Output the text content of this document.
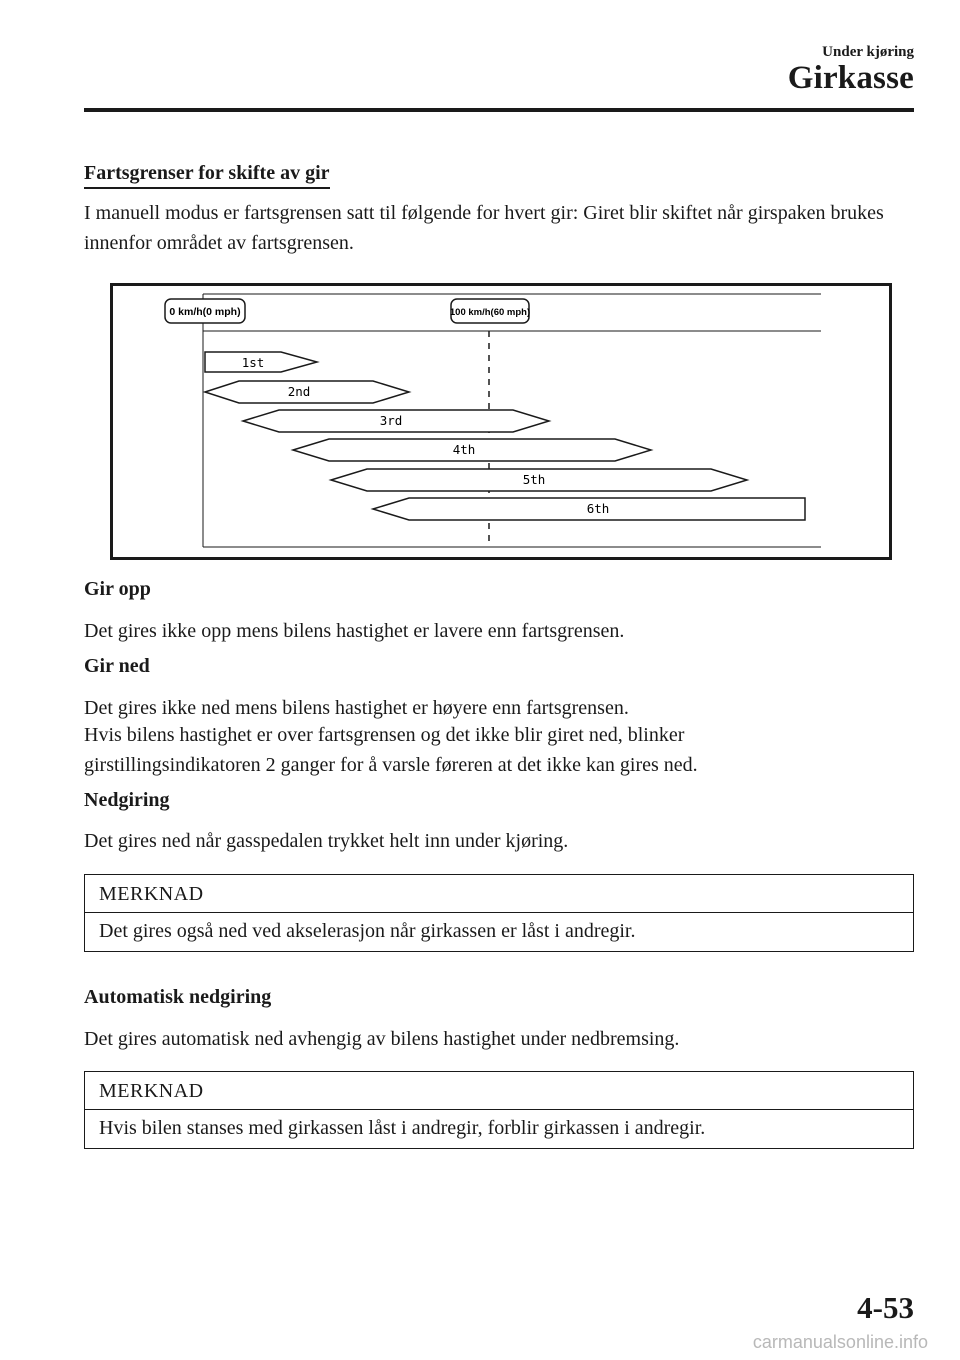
Under kjøring
Girkasse
Fartsgrenser for skifte av gir
I manuell modus er fartsgrensen satt til følgende for hvert gir: Giret blir skiftet når girspaken brukes innenfor området av fartsgrensen.
0 km/h(0 mph)	100 km/h(60 mph)
1st
2nd
3rd
4th
5th
6th
Gir opp
Det gires ikke opp mens bilens hastighet er lavere enn fartsgrensen.
Gir ned
Det gires ikke ned mens bilens hastighet er høyere enn fartsgrensen.
Hvis bilens hastighet er over fartsgrensen og det ikke blir giret ned, blinker girstillingsindikatoren 2 ganger for å varsle føreren at det ikke kan gires ned.
Nedgiring
Det gires ned når gasspedalen trykket helt inn under kjøring.
MERKNAD
Det gires også ned ved akselerasjon når girkassen er låst i andregir.
Automatisk nedgiring
Det gires automatisk ned avhengig av bilens hastighet under nedbremsing.
MERKNAD
Hvis bilen stanses med girkassen låst i andregir, forblir girkassen i andregir.
4-53
carmanualsonline.info
